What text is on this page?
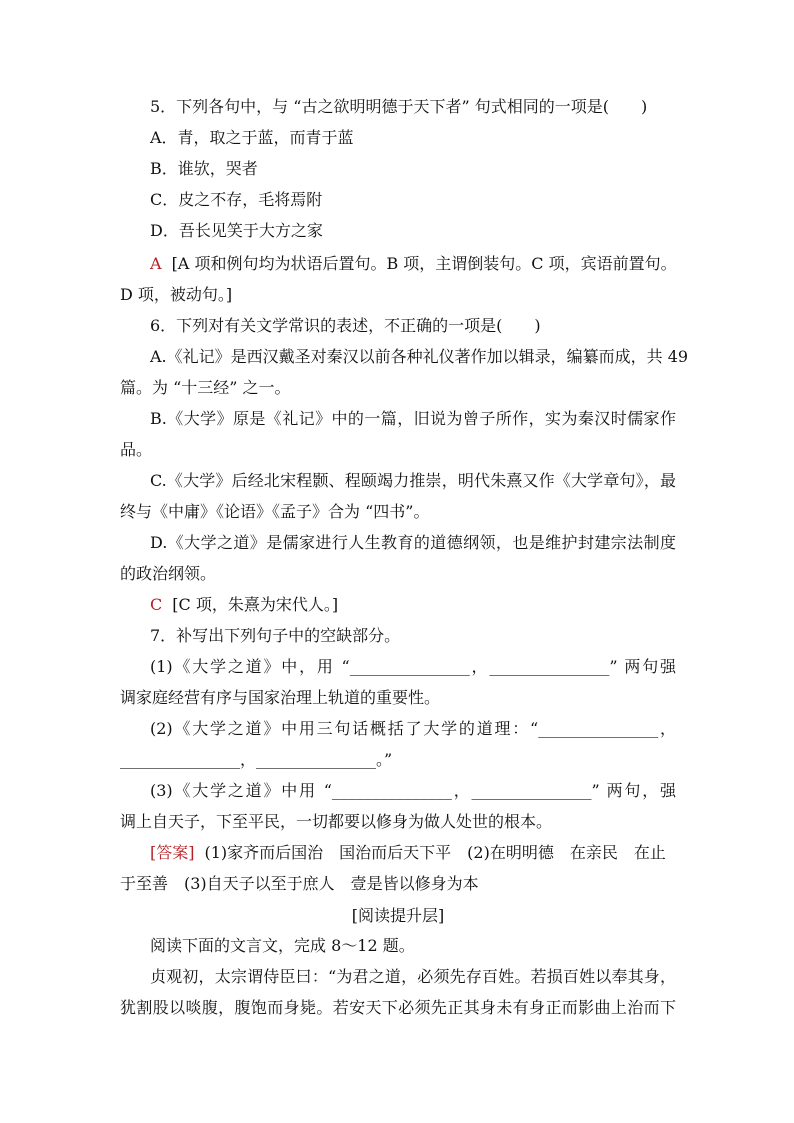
5．下列各句中，与 “古之欲明明德于天下者” 句式相同的一项是(　　)
A．青，取之于蓝，而青于蓝
B．谁欤，哭者
C．皮之不存，毛将焉附
D．吾长见笑于大方之家
A [A 项和例句均为状语后置句。B 项，主谓倒装句。C 项，宾语前置句。
D 项，被动句。]
6．下列对有关文学常识的表述，不正确的一项是(　　)
A.《礼记》是西汉戴圣对秦汉以前各种礼仪著作加以辑录，编纂而成，共 49
篇。为 “十三经” 之一。
B.《大学》原是《礼记》中的一篇，旧说为曾子所作，实为秦汉时儒家作
品。
C.《大学》后经北宋程颢、程颐竭力推崇，明代朱熹又作《大学章句》，最
终与《中庸》《论语》《孟子》合为 “四书”。
D.《大学之道》是儒家进行人生教育的道德纲领，也是维护封建宗法制度
的政治纲领。
C [C 项，朱熹为宋代人。]
7．补写出下列句子中的空缺部分。
(1)《大学之道》中，用 “_______________，_______________” 两句强
调家庭经营有序与国家治理上轨道的重要性。
(2)《大学之道》中用三句话概括了大学的道理：“_______________，
_______________，_______________。”
(3)《大学之道》中用 “_______________，_______________” 两句，强
调上自天子，下至平民，一切都要以修身为做人处世的根本。
[答案] (1)家齐而后国治　国治而后天下平　(2)在明明德　在亲民　在止
于至善　(3)自天子以至于庶人　壹是皆以修身为本
[阅读提升层]
阅读下面的文言文，完成 8～12 题。
贞观初，太宗谓侍臣曰：“为君之道，必须先存百姓。若损百姓以奉其身，
犹割股以啖腹，腹饱而身毙。若安天下必须先正其身未有身正而影曲上治而下
